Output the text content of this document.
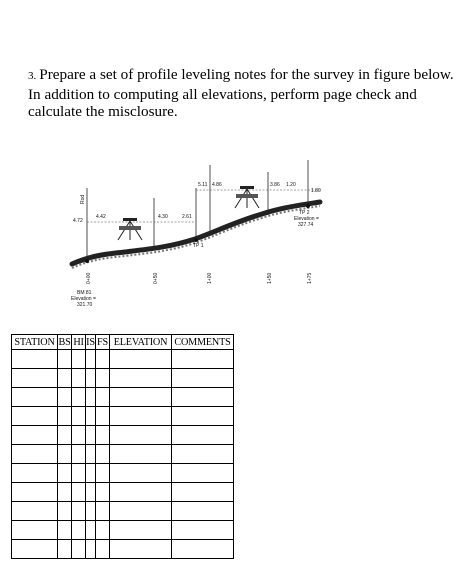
3. Prepare a set of profile leveling notes for the survey in figure below. In addition to computing all elevations, perform page check and calculate the misclosure.
Rod
4.72
4.42	4.30	2.61
5.11 4.86	3.86 1.20
1.80
TP 1
TP 2
Elevation =
327.74
0+00	0+50	1+00	1+50	1+75
BM 81
Elevation =
321.70
STATION	BS	HI	IS	FS	ELEVATION	COMMENTS
